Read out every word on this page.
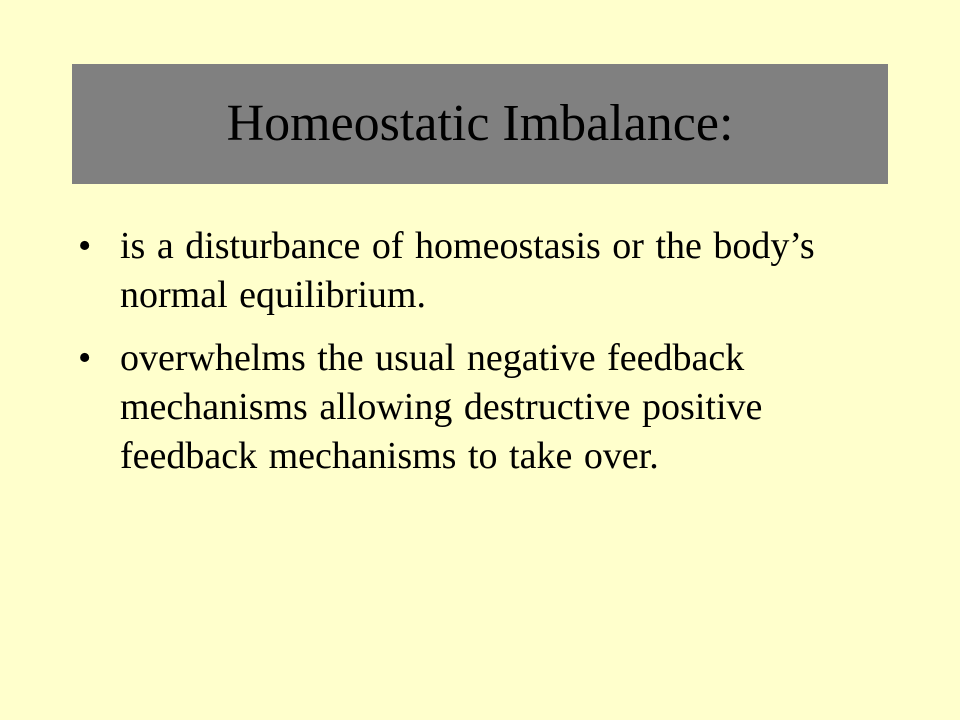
Homeostatic Imbalance:
• is a disturbance of homeostasis or the body’s normal equilibrium.
• overwhelms the usual negative feedback mechanisms allowing destructive positive feedback mechanisms to take over.
